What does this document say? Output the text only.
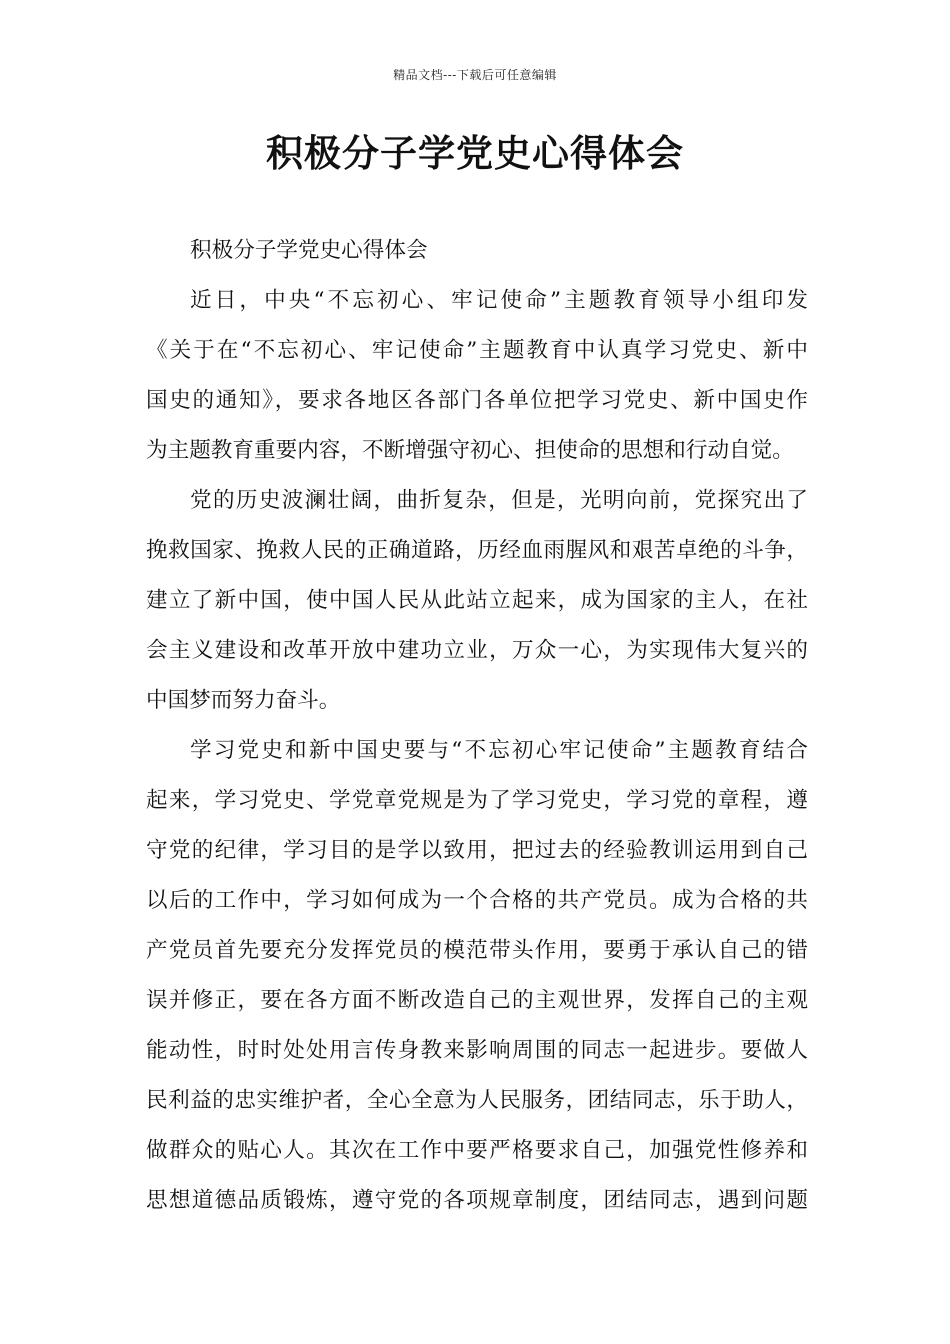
精品文档---下载后可任意编辑
积极分子学党史心得体会
积极分子学党史心得体会
近日，中央“不忘初心、牢记使命”主题教育领导小组印发
《关于在“不忘初心、牢记使命”主题教育中认真学习党史、新中
国史的通知》，要求各地区各部门各单位把学习党史、新中国史作
为主题教育重要内容，不断增强守初心、担使命的思想和行动自觉。
党的历史波澜壮阔，曲折复杂，但是，光明向前，党探究出了
挽救国家、挽救人民的正确道路，历经血雨腥风和艰苦卓绝的斗争，
建立了新中国，使中国人民从此站立起来，成为国家的主人，在社
会主义建设和改革开放中建功立业，万众一心，为实现伟大复兴的
中国梦而努力奋斗。
学习党史和新中国史要与“不忘初心牢记使命”主题教育结合
起来，学习党史、学党章党规是为了学习党史，学习党的章程，遵
守党的纪律，学习目的是学以致用，把过去的经验教训运用到自己
以后的工作中，学习如何成为一个合格的共产党员。成为合格的共
产党员首先要充分发挥党员的模范带头作用，要勇于承认自己的错
误并修正，要在各方面不断改造自己的主观世界，发挥自己的主观
能动性，时时处处用言传身教来影响周围的同志一起进步。要做人
民利益的忠实维护者，全心全意为人民服务，团结同志，乐于助人，
做群众的贴心人。其次在工作中要严格要求自己，加强党性修养和
思想道德品质锻炼，遵守党的各项规章制度，团结同志，遇到问题
